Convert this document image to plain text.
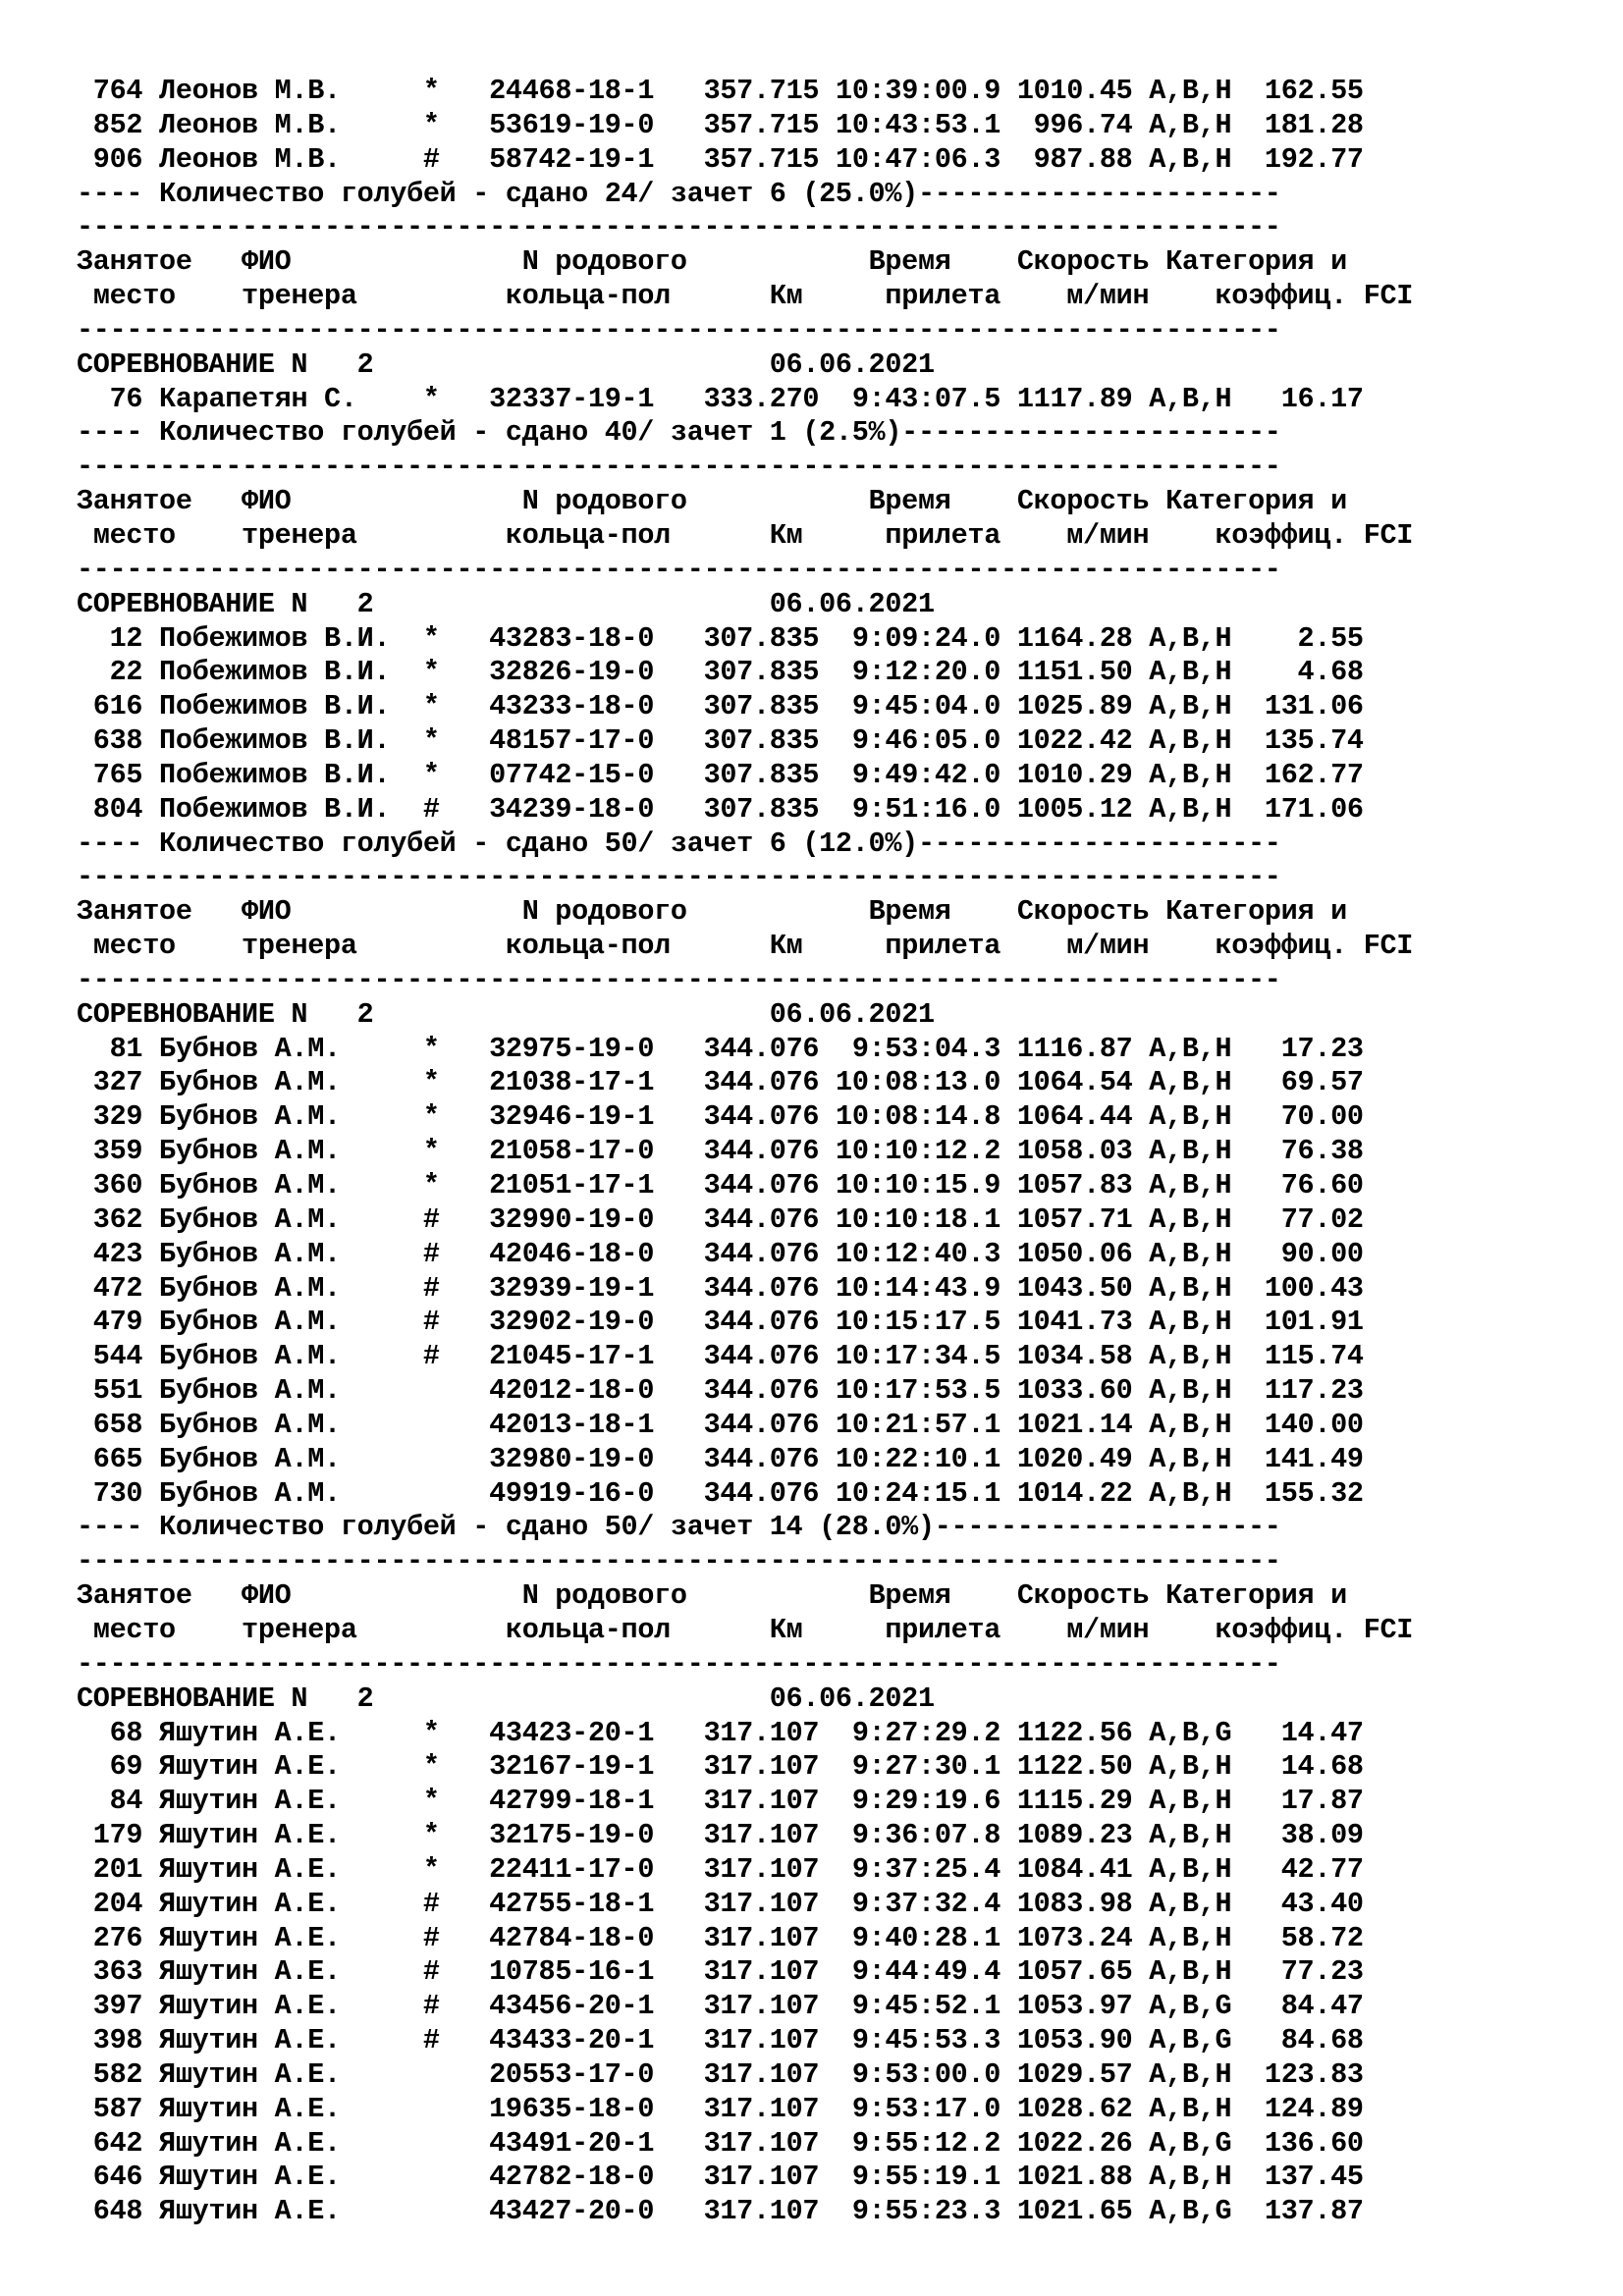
764 Леонов М.В.     * 24468-18-1 357.715 10:39:00.9 1010.45 A,B,H  162.55
852 Леонов М.В.     * 53619-19-0 357.715 10:43:53.1  996.74 A,B,H  181.28
906 Леонов М.В.     # 58742-19-1 357.715 10:47:06.3  987.88 A,B,H  192.77
---- Количество голубей - сдано 24/ зачет 6 (25.0%)----------------------
-------------------------------------------------------------------------
Занятое   ФИО              N родового	Время Скорость Категория и
место    тренера         кольца-пол	Км	прилета м/мин коэффиц. FCI
-------------------------------------------------------------------------
СОРЕВНОВАНИЕ N   2                        06.06.2021
76 Карапетян С.    * 32337-19-1 333.270  9:43:07.5 1117.89 A,B,H   16.17
---- Количество голубей - сдано 40/ зачет 1 (2.5%)-----------------------
-------------------------------------------------------------------------
Занятое   ФИО              N родового	Время Скорость Категория и
место    тренера         кольца-пол	Км	прилета м/мин коэффиц. FCI
-------------------------------------------------------------------------
СОРЕВНОВАНИЕ N   2                        06.06.2021
12 Побежимов В.И.  * 43283-18-0 307.835  9:09:24.0 1164.28 A,B,H    2.55
22 Побежимов В.И.  * 32826-19-0 307.835  9:12:20.0 1151.50 A,B,H    4.68
616 Побежимов В.И.  * 43233-18-0 307.835  9:45:04.0 1025.89 A,B,H  131.06
638 Побежимов В.И.  * 48157-17-0 307.835  9:46:05.0 1022.42 A,B,H  135.74
765 Побежимов В.И.  * 07742-15-0 307.835  9:49:42.0 1010.29 A,B,H  162.77
804 Побежимов В.И.  # 34239-18-0 307.835  9:51:16.0 1005.12 A,B,H  171.06
---- Количество голубей - сдано 50/ зачет 6 (12.0%)----------------------
-------------------------------------------------------------------------
Занятое   ФИО              N родового	Время Скорость Категория и
место    тренера         кольца-пол	Км	прилета м/мин коэффиц. FCI
-------------------------------------------------------------------------
СОРЕВНОВАНИЕ N   2                        06.06.2021
81 Бубнов А.М.     * 32975-19-0 344.076  9:53:04.3 1116.87 A,B,H   17.23
327 Бубнов А.М.     * 21038-17-1 344.076 10:08:13.0 1064.54 A,B,H   69.57
329 Бубнов А.М.     * 32946-19-1 344.076 10:08:14.8 1064.44 A,B,H   70.00
359 Бубнов А.М.     * 21058-17-0 344.076 10:10:12.2 1058.03 A,B,H   76.38
360 Бубнов А.М.     * 21051-17-1 344.076 10:10:15.9 1057.83 A,B,H   76.60
362 Бубнов А.М.     # 32990-19-0 344.076 10:10:18.1 1057.71 A,B,H   77.02
423 Бубнов А.М.     # 42046-18-0 344.076 10:12:40.3 1050.06 A,B,H   90.00
472 Бубнов А.М.     # 32939-19-1 344.076 10:14:43.9 1043.50 A,B,H  100.43
479 Бубнов А.М.     # 32902-19-0 344.076 10:15:17.5 1041.73 A,B,H  101.91
544 Бубнов А.М.     # 21045-17-1 344.076 10:17:34.5 1034.58 A,B,H  115.74
551 Бубнов А.М.         42012-18-0 344.076 10:17:53.5 1033.60 A,B,H  117.23
658 Бубнов А.М.         42013-18-1 344.076 10:21:57.1 1021.14 A,B,H  140.00
665 Бубнов А.М.         32980-19-0 344.076 10:22:10.1 1020.49 A,B,H  141.49
730 Бубнов А.М.         49919-16-0 344.076 10:24:15.1 1014.22 A,B,H  155.32
---- Количество голубей - сдано 50/ зачет 14 (28.0%)---------------------
-------------------------------------------------------------------------
Занятое   ФИО              N родового	Время Скорость Категория и
место    тренера         кольца-пол	Км	прилета м/мин коэффиц. FCI
-------------------------------------------------------------------------
СОРЕВНОВАНИЕ N   2                        06.06.2021
68 Яшутин А.Е.     * 43423-20-1 317.107  9:27:29.2 1122.56 A,B,G   14.47
69 Яшутин А.Е.     * 32167-19-1 317.107  9:27:30.1 1122.50 A,B,H   14.68
84 Яшутин А.Е.     * 42799-18-1 317.107  9:29:19.6 1115.29 A,B,H   17.87
179 Яшутин А.Е.     * 32175-19-0 317.107  9:36:07.8 1089.23 A,B,H   38.09
201 Яшутин А.Е.     * 22411-17-0 317.107  9:37:25.4 1084.41 A,B,H   42.77
204 Яшутин А.Е.     # 42755-18-1 317.107  9:37:32.4 1083.98 A,B,H   43.40
276 Яшутин А.Е.     # 42784-18-0 317.107  9:40:28.1 1073.24 A,B,H   58.72
363 Яшутин А.Е.     # 10785-16-1 317.107  9:44:49.4 1057.65 A,B,H   77.23
397 Яшутин А.Е.     # 43456-20-1 317.107  9:45:52.1 1053.97 A,B,G   84.47
398 Яшутин А.Е.     # 43433-20-1 317.107  9:45:53.3 1053.90 A,B,G   84.68
582 Яшутин А.Е.         20553-17-0 317.107  9:53:00.0 1029.57 A,B,H  123.83
587 Яшутин А.Е.         19635-18-0 317.107  9:53:17.0 1028.62 A,B,H  124.89
642 Яшутин А.Е.         43491-20-1 317.107  9:55:12.2 1022.26 A,B,G  136.60
646 Яшутин А.Е.         42782-18-0 317.107  9:55:19.1 1021.88 A,B,H  137.45
648 Яшутин А.Е.         43427-20-0 317.107  9:55:23.3 1021.65 A,B,G  137.87
